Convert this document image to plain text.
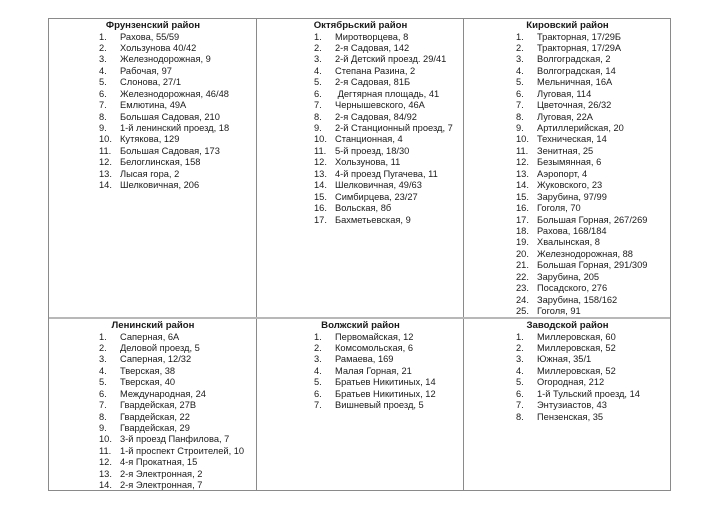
Фрунзенский район
1. Рахова, 55/59
2. Хользунова 40/42
3. Железнодорожная, 9
4. Рабочая, 97
5. Слонова, 27/1
6. Железнодорожная, 46/48
7. Емлютина, 49А
8. Большая Садовая, 210
9. 1-й ленинский проезд, 18
10. Кутякова, 129
11. Большая Садовая, 173
12. Белоглинская, 158
13. Лысая гора, 2
14. Шелковичная, 206
Октябрьский район
1. Миротворцева, 8
2. 2-я Садовая, 142
3. 2-й Детский проезд. 29/41
4. Степана Разина, 2
5. 2-я Садовая, 81Б
6. Дегтярная площадь, 41
7. Чернышевского, 46А
8. 2-я Садовая, 84/92
9. 2-й Станционный проезд, 7
10. Станционная, 4
11. 5-й проезд, 18/30
12. Хользунова, 11
13. 4-й проезд Пугачева, 11
14. Шелковичная, 49/63
15. Симбирцева, 23/27
16. Вольская, 8б
17. Бахметьевская, 9
Кировский район
1. Тракторная, 17/29Б
2. Тракторная, 17/29А
3. Волгоградская, 2
4. Волгоградская, 14
5. Мельничная, 16А
6. Луговая, 114
7. Цветочная, 26/32
8. Луговая, 22А
9. Артиллерийская, 20
10. Техническая, 14
11. Зенитная, 25
12. Безымянная, 6
13. Аэропорт, 4
14. Жуковского, 23
15. Зарубина, 97/99
16. Гоголя, 70
17. Большая Горная, 267/269
18. Рахова, 168/184
19. Хвалынская, 8
20. Железнодорожная, 88
21. Большая Горная, 291/309
22. Зарубина, 205
23. Посадского, 276
24. Зарубина, 158/162
25. Гоголя, 91
Ленинский район
1. Саперная, 6А
2. Деловой проезд, 5
3. Саперная, 12/32
4. Тверская, 38
5. Тверская, 40
6. Международная, 24
7. Гвардейская, 27В
8. Гвардейская, 22
9. Гвардейская, 29
10. 3-й проезд Панфилова, 7
11. 1-й проспект Строителей, 10
12. 4-я Прокатная, 15
13. 2-я Электронная, 2
14. 2-я Электронная, 7
Волжский район
1. Первомайская, 12
2. Комсомольская, 6
3. Рамаева, 169
4. Малая Горная, 21
5. Братьев Никитиных, 14
6. Братьев Никитиных, 12
7. Вишневый проезд, 5
Заводской район
1. Миллеровская, 60
2. Миллеровская, 52
3. Южная, 35/1
4. Миллеровская, 52
5. Огородная, 212
6. 1-й Тульский проезд, 14
7. Энтузиастов, 43
8. Пензенская, 35
